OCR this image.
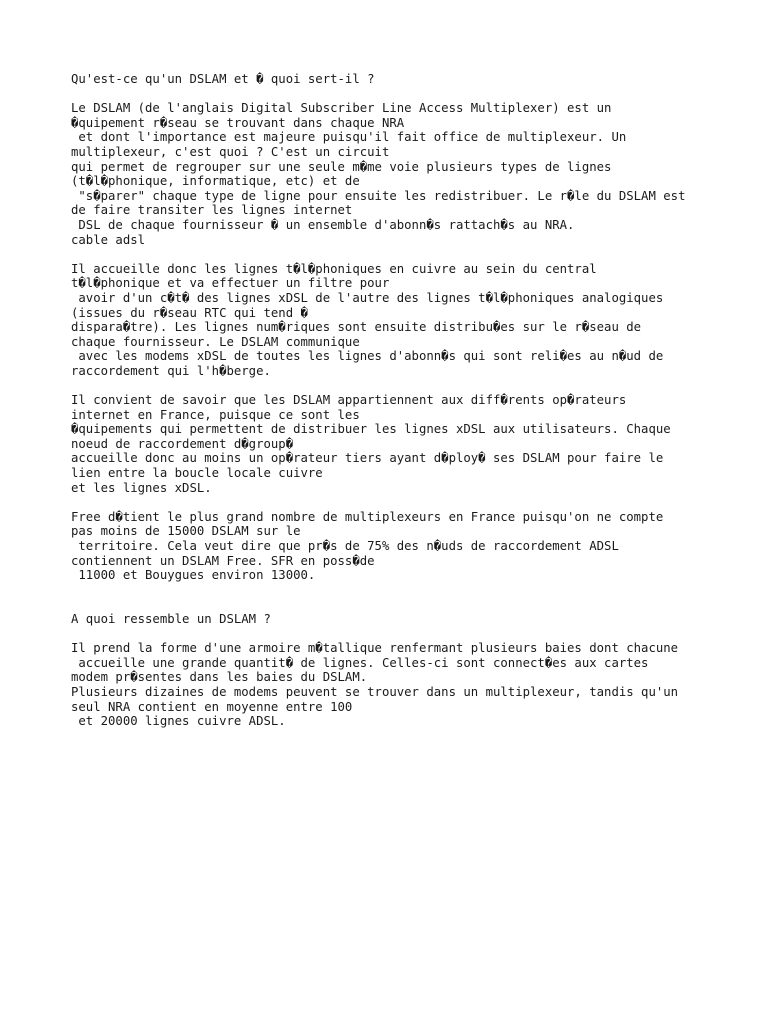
Qu'est-ce qu'un DSLAM et � quoi sert-il ?
Le DSLAM (de l'anglais Digital Subscriber Line Access Multiplexer) est un
�quipement r�seau se trouvant dans chaque NRA
et dont l'importance est majeure puisqu'il fait office de multiplexeur. Un
multiplexeur, c'est quoi ? C'est un circuit
qui permet de regrouper sur une seule m�me voie plusieurs types de lignes
(t�l�phonique, informatique, etc) et de
"s�parer" chaque type de ligne pour ensuite les redistribuer. Le r�le du DSLAM est
de faire transiter les lignes internet
DSL de chaque fournisseur � un ensemble d'abonn�s rattach�s au NRA.
cable adsl
Il accueille donc les lignes t�l�phoniques en cuivre au sein du central
t�l�phonique et va effectuer un filtre pour
avoir d'un c�t� des lignes xDSL de l'autre des lignes t�l�phoniques analogiques
(issues du r�seau RTC qui tend �
dispara�tre). Les lignes num�riques sont ensuite distribu�es sur le r�seau de
chaque fournisseur. Le DSLAM communique
avec les modems xDSL de toutes les lignes d'abonn�s qui sont reli�es au n�ud de
raccordement qui l'h�berge.
Il convient de savoir que les DSLAM appartiennent aux diff�rents op�rateurs
internet en France, puisque ce sont les
�quipements qui permettent de distribuer les lignes xDSL aux utilisateurs. Chaque
noeud de raccordement d�group�
accueille donc au moins un op�rateur tiers ayant d�ploy� ses DSLAM pour faire le
lien entre la boucle locale cuivre
et les lignes xDSL.
Free d�tient le plus grand nombre de multiplexeurs en France puisqu'on ne compte
pas moins de 15000 DSLAM sur le
territoire. Cela veut dire que pr�s de 75% des n�uds de raccordement ADSL
contiennent un DSLAM Free. SFR en poss�de
11000 et Bouygues environ 13000.
A quoi ressemble un DSLAM ?
Il prend la forme d'une armoire m�tallique renfermant plusieurs baies dont chacune
accueille une grande quantit� de lignes. Celles-ci sont connect�es aux cartes
modem pr�sentes dans les baies du DSLAM.
Plusieurs dizaines de modems peuvent se trouver dans un multiplexeur, tandis qu'un
seul NRA contient en moyenne entre 100
et 20000 lignes cuivre ADSL.
